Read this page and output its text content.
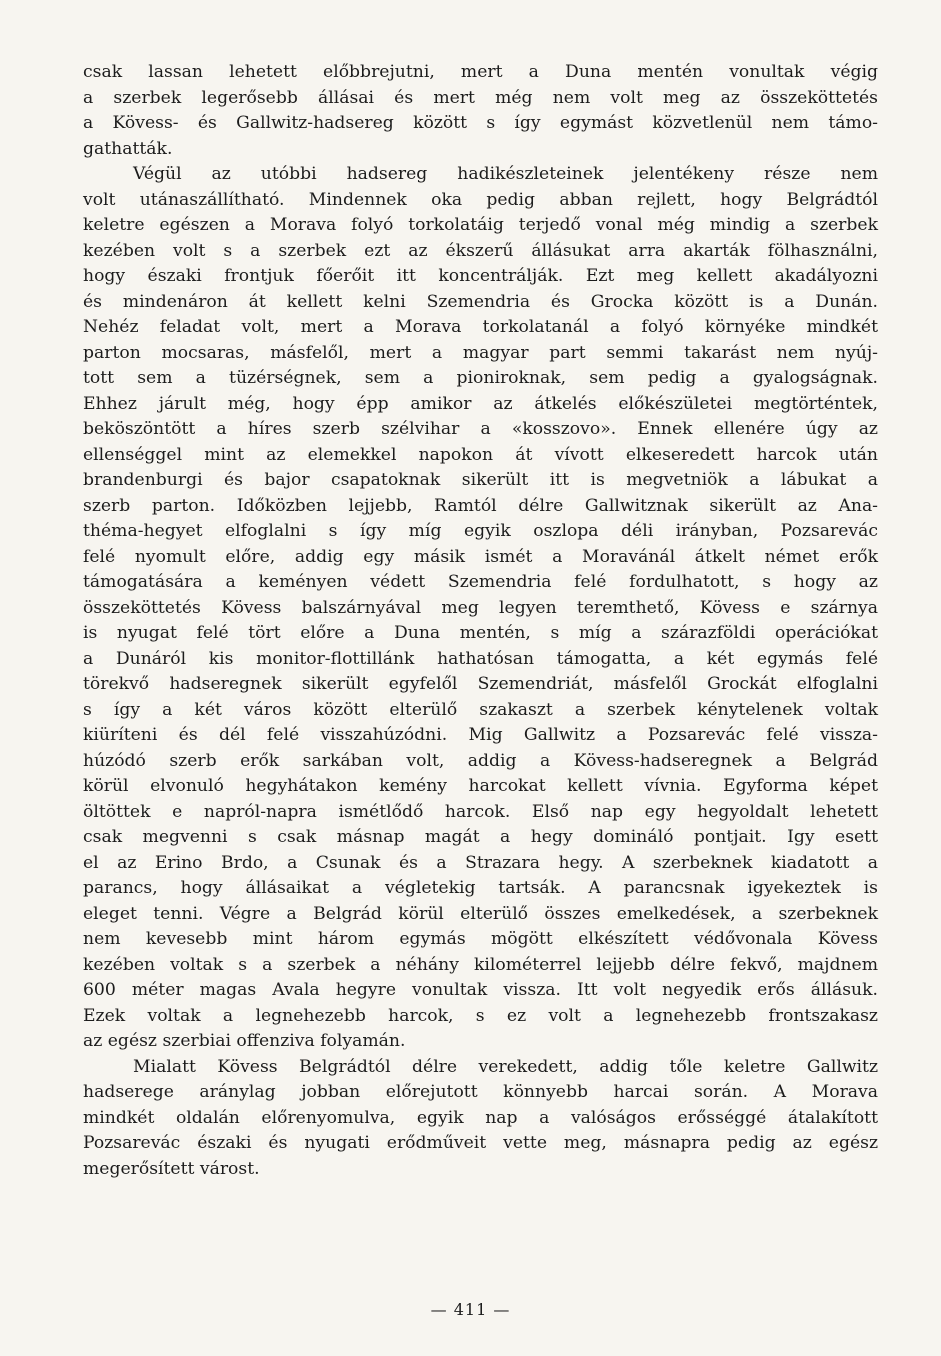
csak lassan lehetett előbbrejutni, mert a Duna mentén vonultak végig
a szerbek legerősebb állásai és mert még nem volt meg az összeköttetés
a Kövess- és Gallwitz-hadsereg között s így egymást közvetlenül nem támo-
gathatták.
Végül az utóbbi hadsereg hadikészleteinek jelentékeny része nem
volt utánaszállítható. Mindennek oka pedig abban rejlett, hogy Belgrádtól
keletre egészen a Morava folyó torkolatáig terjedő vonal még mindig a szerbek
kezében volt s a szerbek ezt az ékszerű állásukat arra akarták fölhasználni,
hogy északi frontjuk főerőit itt koncentrálják. Ezt meg kellett akadályozni
és mindenáron át kellett kelni Szemendria és Grocka között is a Dunán.
Nehéz feladat volt, mert a Morava torkolatanál a folyó környéke mindkét
parton mocsaras, másfelől, mert a magyar part semmi takarást nem nyúj-
tott sem a tüzérségnek, sem a pioniroknak, sem pedig a gyalogságnak.
Ehhez járult még, hogy épp amikor az átkelés előkészületei megtörténtek,
beköszöntött a híres szerb szélvihar a «kosszovo». Ennek ellenére úgy az
ellenséggel mint az elemekkel napokon át vívott elkeseredett harcok után
brandenburgi és bajor csapatoknak sikerült itt is megvetniök a lábukat a
szerb parton. Időközben lejjebb, Ramtól délre Gallwitznak sikerült az Ana-
théma-hegyet elfoglalni s így míg egyik oszlopa déli irányban, Pozsarevác
felé nyomult előre, addig egy másik ismét a Moravánál átkelt német erők
támogatására a keményen védett Szemendria felé fordulhatott, s hogy az
összeköttetés Kövess balszárnyával meg legyen teremthető, Kövess e szárnya
is nyugat felé tört előre a Duna mentén, s míg a szárazföldi operációkat
a Dunáról kis monitor-flottillánk hathatósan támogatta, a két egymás felé
törekvő hadseregnek sikerült egyfelől Szemendriát, másfelől Grockát elfoglalni
s így a két város között elterülő szakaszt a szerbek kénytelenek voltak
kiüríteni és dél felé visszahúzódni. Mig Gallwitz a Pozsarevác felé vissza-
húzódó szerb erők sarkában volt, addig a Kövess-hadseregnek a Belgrád
körül elvonuló hegyhátakon kemény harcokat kellett vívnia. Egyforma képet
öltöttek e napról-napra ismétlődő harcok. Első nap egy hegyoldalt lehetett
csak megvenni s csak másnap magát a hegy domináló pontjait. Igy esett
el az Erino Brdo, a Csunak és a Strazara hegy. A szerbeknek kiadatott a
parancs, hogy állásaikat a végletekig tartsák. A parancsnak igyekeztek is
eleget tenni. Végre a Belgrád körül elterülő összes emelkedések, a szerbeknek
nem kevesebb mint három egymás mögött elkészített védővonala Kövess
kezében voltak s a szerbek a néhány kilométerrel lejjebb délre fekvő, majdnem
600 méter magas Avala hegyre vonultak vissza. Itt volt negyedik erős állásuk.
Ezek voltak a legnehezebb harcok, s ez volt a legnehezebb frontszakasz
az egész szerbiai offenziva folyamán.
Mialatt Kövess Belgrádtól délre verekedett, addig tőle keletre Gallwitz
hadserege aránylag jobban előrejutott könnyebb harcai során. A Morava
mindkét oldalán előrenyomulva, egyik nap a valóságos erősséggé átalakított
Pozsarevác északi és nyugati erődműveit vette meg, másnapra pedig az egész
megerősített várost.
— 411 —
